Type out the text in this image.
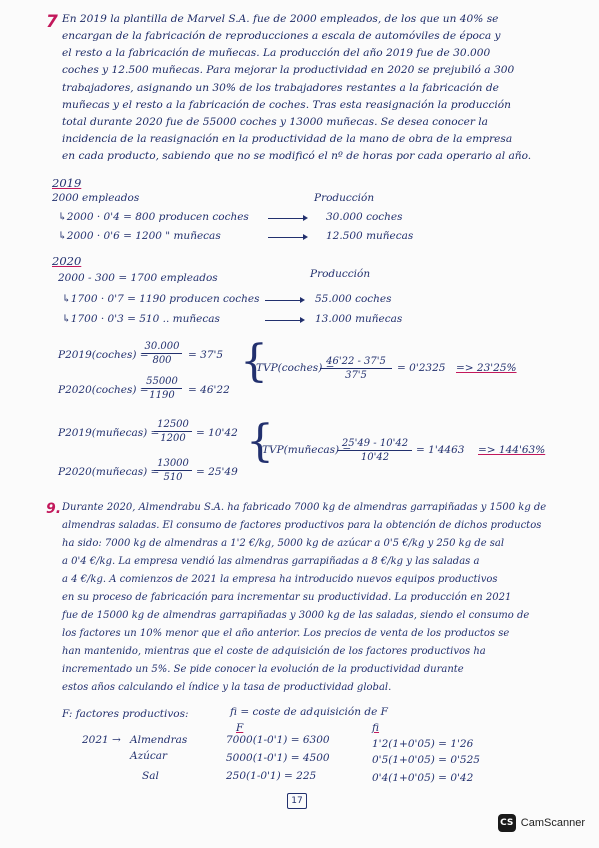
7 En 2019 la plantilla de Marvel S.A. fue de 2000 empleados, de los que un 40% se
encargan de la fabricación de reproducciones a escala de automóviles de época y
el resto a la fabricación de muñecas. La producción del año 2019 fue de 30.000
coches y 12.500 muñecas. Para mejorar la productividad en 2020 se prejubiló a 300
trabajadores, asignando un 30% de los trabajadores restantes a la fabricación de
muñecas y el resto a la fabricación de coches. Tras esta reasignación la producción
total durante 2020 fue de 55000 coches y 13000 muñecas. Se desea conocer la
incidencia de la reasignación en la productividad de la mano de obra de la empresa
en cada producto, sabiendo que no se modificó el nº de horas por cada operario al año.
2019
2000 empleados	Producción
↳2000 · 0'4 = 800 producen coches	30.000 coches
↳2000 · 0'6 = 1200 " muñecas	12.500 muñecas
2020
2000 - 300 = 1700 empleados	Producción
↳1700 · 0'7 = 1190 producen coches	55.000 coches
↳1700 · 0'3 = 510 .. muñecas	13.000 muñecas
P2019(coches) =
30.000
800 = 37'5
P2020(coches) =
55000
1190 = 46'22
{
TVP(coches) =
46'22 - 37'5
37'5
= 0'2325 => 23'25%
P2019(muñecas) =
12500
1200 = 10'42
P2020(muñecas) =
13000
510 = 25'49
{
TVP(muñecas) =
25'49 - 10'42
10'42
= 1'4463 => 144'63%
9. Durante 2020, Almendrabu S.A. ha fabricado 7000 kg de almendras garrapiñadas y 1500 kg de
almendras saladas. El consumo de factores productivos para la obtención de dichos productos
ha sido: 7000 kg de almendras a 1'2 €/kg, 5000 kg de azúcar a 0'5 €/kg y 250 kg de sal
a 0'4 €/kg. La empresa vendió las almendras garrapiñadas a 8 €/kg y las saladas a
a 4 €/kg. A comienzos de 2021 la empresa ha introducido nuevos equipos productivos
en su proceso de fabricación para incrementar su productividad. La producción en 2021
fue de 15000 kg de almendras garrapiñadas y 3000 kg de las saladas, siendo el consumo de
los factores un 10% menor que el año anterior. Los precios de venta de los productos se
han mantenido, mientras que el coste de adquisición de los factores productivos ha
incrementado un 5%. Se pide conocer la evolución de la productividad durante
estos años calculando el índice y la tasa de productividad global.
F: factores productivos:	fi = coste de adquisición de F
F	fi
2021 → Almendras	7000(1-0'1) = 6300	1'2(1+0'05) = 1'26
Azúcar	5000(1-0'1) = 4500	0'5(1+0'05) = 0'525
Sal	250(1-0'1) = 225	0'4(1+0'05) = 0'42
17
CS CamScanner
